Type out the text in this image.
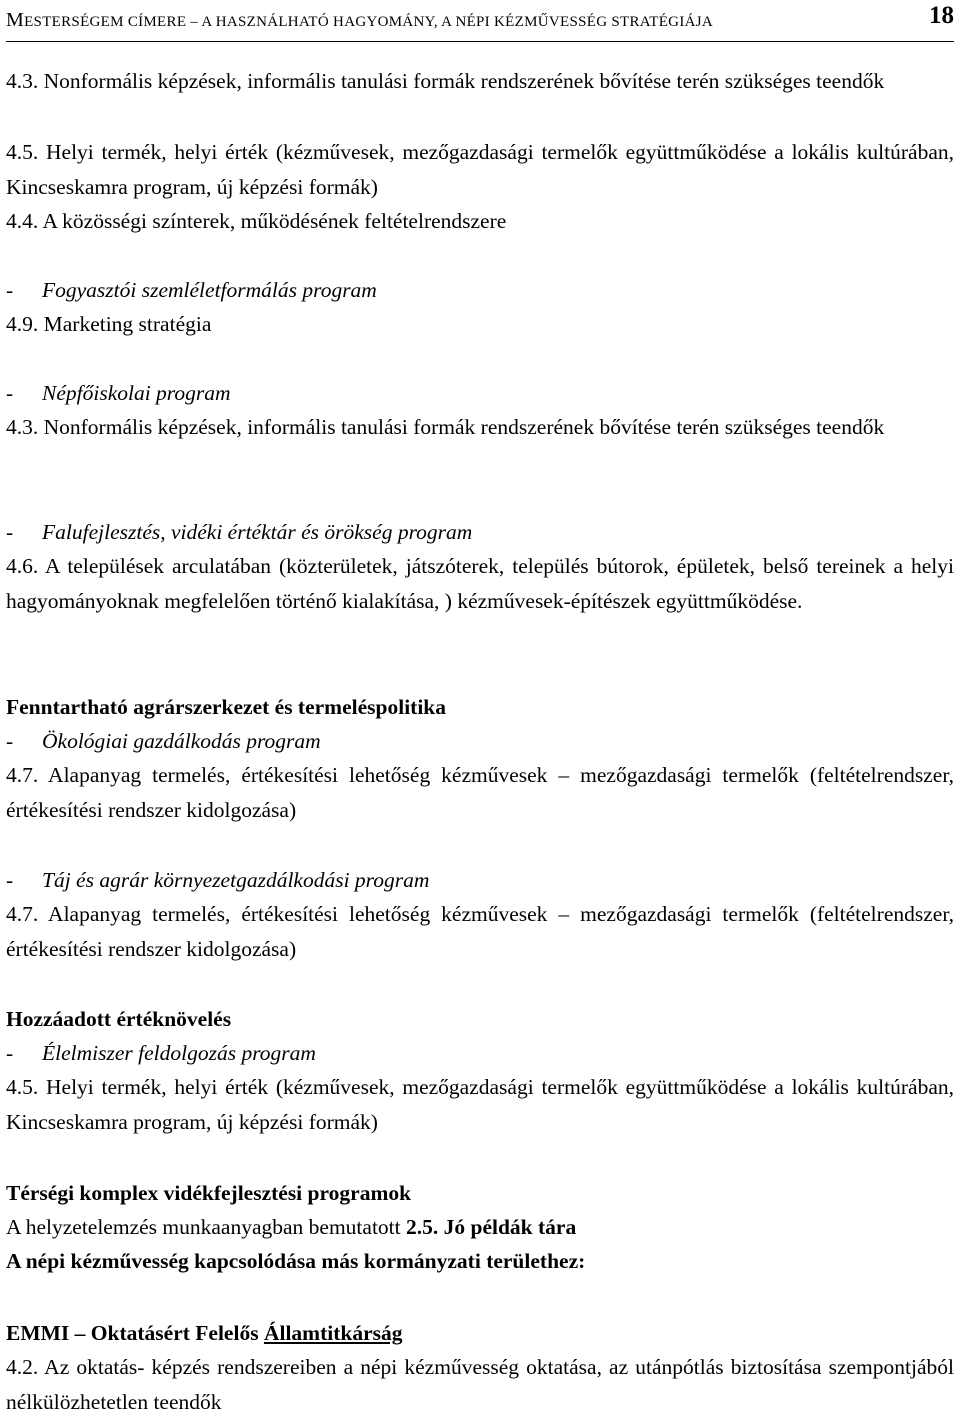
MESTERSÉGEM CÍMERE – A HASZNÁLHATÓ HAGYOMÁNY, A NÉPI KÉZMŰVESSÉG STRATÉGIÁJA	18

4.3. Nonformális képzések, informális tanulási formák rendszerének bővítése terén szükséges teendők

4.5. Helyi termék, helyi érték (kézművesek, mezőgazdasági termelők együttműködése a lokális kultúrában, Kincseskamra program, új képzési formák)

4.4. A közösségi színterek, működésének feltételrendszere

- Fogyasztói szemléletformálás program

4.9. Marketing stratégia

- Népfőiskolai program

4.3. Nonformális képzések, informális tanulási formák rendszerének bővítése terén szükséges teendők

- Falufejlesztés, vidéki értéktár és örökség program

4.6. A települések arculatában (közterületek, játszóterek, település bútorok, épületek, belső tereinek a helyi hagyományoknak megfelelően történő kialakítása, ) kézművesek-építészek együttműködése.

Fenntartható agrárszerkezet és termeléspolitika

- Ökológiai gazdálkodás program

4.7. Alapanyag termelés, értékesítési lehetőség kézművesek – mezőgazdasági termelők (feltételrendszer, értékesítési rendszer kidolgozása)

- Táj és agrár környezetgazdálkodási program

4.7. Alapanyag termelés, értékesítési lehetőség kézművesek – mezőgazdasági termelők (feltételrendszer, értékesítési rendszer kidolgozása)

Hozzáadott értéknövelés

- Élelmiszer feldolgozás program

4.5. Helyi termék, helyi érték (kézművesek, mezőgazdasági termelők együttműködése a lokális kultúrában, Kincseskamra program, új képzési formák)

Térségi komplex vidékfejlesztési programok

A helyzetelemzés munkaanyagban bemutatott 2.5. Jó példák tára

A népi kézművesség kapcsolódása más kormányzati területhez:

EMMI – Oktatásért Felelős Államtitkárság

4.2. Az oktatás- képzés rendszereiben a népi kézművesség oktatása, az utánpótlás biztosítása szempontjából nélkülözhetetlen teendők
